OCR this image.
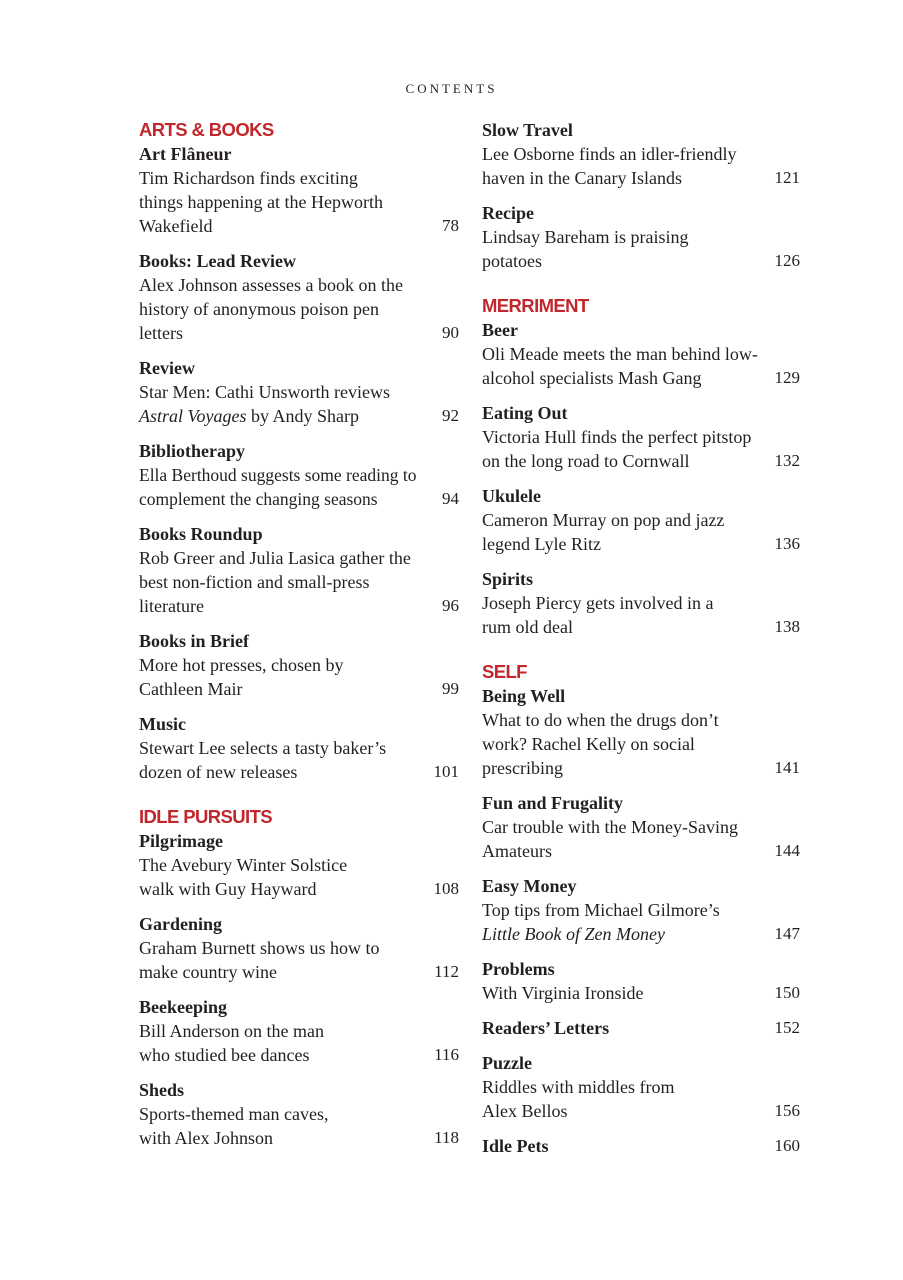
CONTENTS
ARTS & BOOKS
Art Flâneur
Tim Richardson finds exciting things happening at the Hepworth Wakefield	78
Books: Lead Review
Alex Johnson assesses a book on the history of anonymous poison pen letters	90
Review
Star Men: Cathi Unsworth reviews Astral Voyages by Andy Sharp	92
Bibliotherapy
Ella Berthoud suggests some reading to complement the changing seasons	94
Books Roundup
Rob Greer and Julia Lasica gather the best non-fiction and small-press literature	96
Books in Brief
More hot presses, chosen by Cathleen Mair	99
Music
Stewart Lee selects a tasty baker’s dozen of new releases	101
IDLE PURSUITS
Pilgrimage
The Avebury Winter Solstice walk with Guy Hayward	108
Gardening
Graham Burnett shows us how to make country wine	112
Beekeeping
Bill Anderson on the man who studied bee dances	116
Sheds
Sports-themed man caves, with Alex Johnson	118
Slow Travel
Lee Osborne finds an idler-friendly haven in the Canary Islands	121
Recipe
Lindsay Bareham is praising potatoes	126
MERRIMENT
Beer
Oli Meade meets the man behind low-alcohol specialists Mash Gang	129
Eating Out
Victoria Hull finds the perfect pitstop on the long road to Cornwall	132
Ukulele
Cameron Murray on pop and jazz legend Lyle Ritz	136
Spirits
Joseph Piercy gets involved in a rum old deal	138
SELF
Being Well
What to do when the drugs don’t work? Rachel Kelly on social prescribing	141
Fun and Frugality
Car trouble with the Money-Saving Amateurs	144
Easy Money
Top tips from Michael Gilmore’s Little Book of Zen Money	147
Problems
With Virginia Ironside	150
Readers’ Letters	152
Puzzle
Riddles with middles from Alex Bellos	156
Idle Pets	160
